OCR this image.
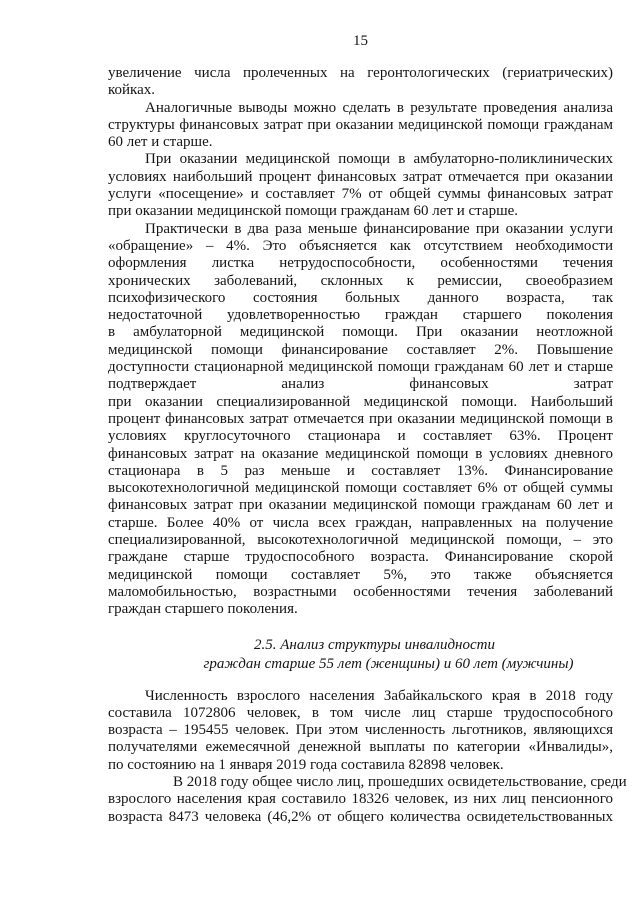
15
увеличение числа пролеченных на геронтологических (гериатрических)
койках.
Аналогичные выводы можно сделать в результате проведения анализа
структуры финансовых затрат при оказании медицинской помощи гражданам
60 лет и старше.
При оказании медицинской помощи в амбулаторно-поликлинических
условиях наибольший процент финансовых затрат отмечается при оказании
услуги «посещение» и составляет 7% от общей суммы финансовых затрат
при оказании медицинской помощи гражданам 60 лет и старше.
Практически в два раза меньше финансирование при оказании услуги
«обращение» – 4%. Это объясняется как отсутствием необходимости
оформления листка нетрудоспособности, особенностями течения
хронических заболеваний, склонных к ремиссии, своеобразием
психофизического состояния больных данного возраста, так
недостаточной удовлетворенностью граждан старшего поколения
в амбулаторной медицинской помощи. При оказании неотложной
медицинской помощи финансирование составляет 2%. Повышение
доступности стационарной медицинской помощи гражданам 60 лет и старше
подтверждает анализ финансовых затрат
при оказании специализированной медицинской помощи. Наибольший
процент финансовых затрат отмечается при оказании медицинской помощи в
условиях круглосуточного стационара и составляет 63%. Процент
финансовых затрат на оказание медицинской помощи в условиях дневного
стационара в 5 раз меньше и составляет 13%. Финансирование
высокотехнологичной медицинской помощи составляет 6% от общей суммы
финансовых затрат при оказании медицинской помощи гражданам 60 лет и
старше. Более 40% от числа всех граждан, направленных на получение
специализированной, высокотехнологичной медицинской помощи, – это
граждане старше трудоспособного возраста. Финансирование скорой
медицинской помощи составляет 5%, это также объясняется
маломобильностью, возрастными особенностями течения заболеваний
граждан старшего поколения.
2.5. Анализ структуры инвалидности
граждан старше 55 лет (женщины) и 60 лет (мужчины)
Численность взрослого населения Забайкальского края в 2018 году
составила 1072806 человек, в том числе лиц старше трудоспособного
возраста – 195455 человек. При этом численность льготников, являющихся
получателями ежемесячной денежной выплаты по категории «Инвалиды»,
по состоянию на 1 января 2019 года составила 82898 человек.
В 2018 году общее число лиц, прошедших освидетельствование, среди
взрослого населения края составило 18326 человек, из них лиц пенсионного
возраста 8473 человека (46,2% от общего количества освидетельствованных
